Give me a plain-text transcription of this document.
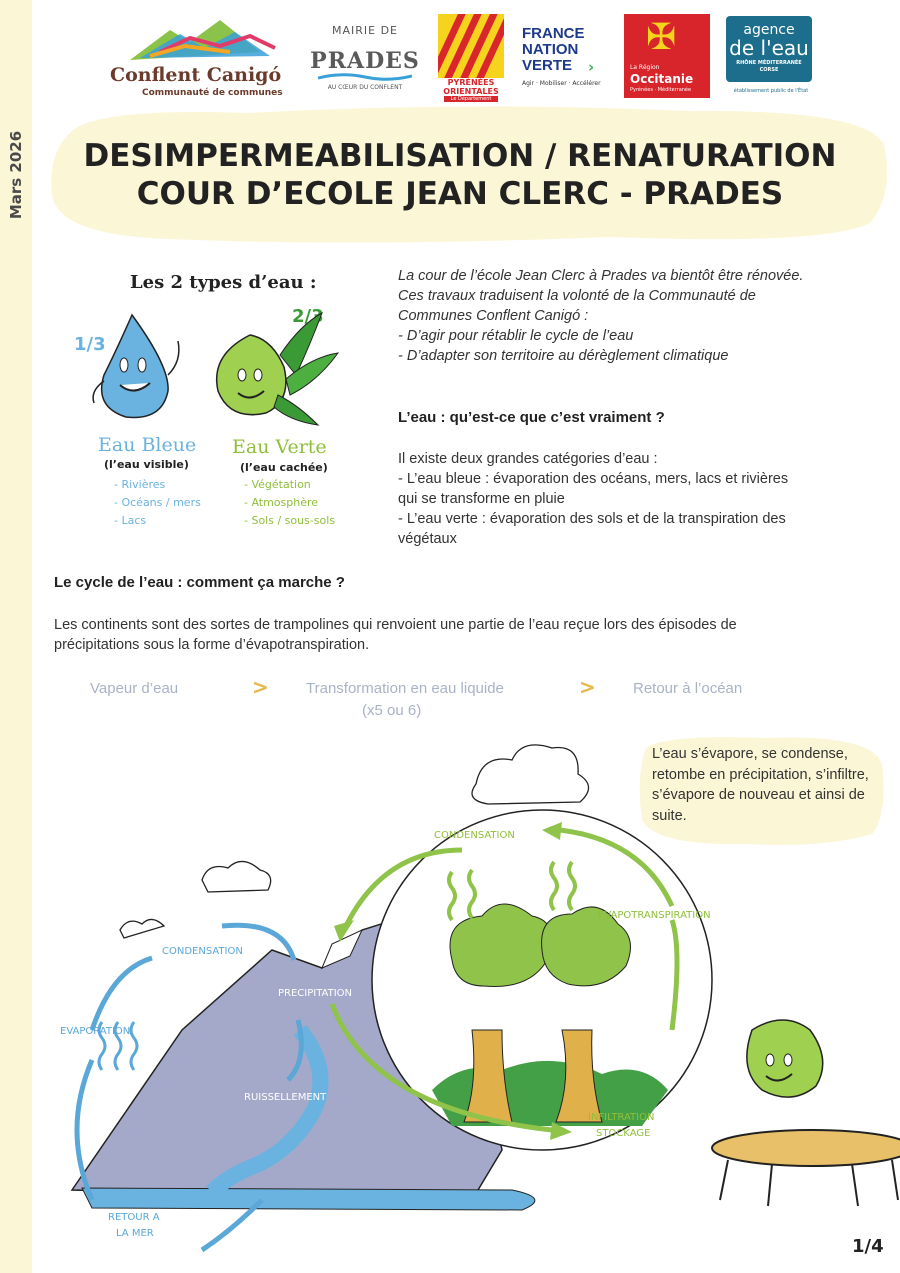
Mars 2026
Conflent Canigó
Communauté de communes
MAIRIE DE
PRADES
AU CŒUR DU CONFLENT
PYRÉNÉES
ORIENTALES
Le Département
FRANCE
NATION
VERTE ›
Agir · Mobiliser · Accélérer
✠
La Région
Occitanie
Pyrénées · Méditerranée
agence
de l'eau
RHÔNE MÉDITERRANÉE
CORSE
établissement public de l'État
DESIMPERMEABILISATION / RENATURATION
COUR D’ECOLE JEAN CLERC - PRADES
Les 2 types d’eau :
1/3
2/3
Eau Bleue
(l’eau visible)
- Rivières
- Océans / mers
- Lacs
Eau Verte
(l’eau cachée)
- Végétation
- Atmosphère
- Sols / sous-sols
La cour de l’école Jean Clerc à Prades va bientôt être rénovée.
Ces travaux traduisent la volonté de la Communauté de
Communes Conflent Canigó :
- D’agir pour rétablir le cycle de l’eau
- D’adapter son territoire au dérèglement climatique
L’eau : qu’est-ce que c’est vraiment ?
Il existe deux grandes catégories d’eau :
- L’eau bleue : évaporation des océans, mers, lacs et rivières
qui se transforme en pluie
- L’eau verte : évaporation des sols et de la transpiration des
végétaux
Le cycle de l’eau : comment ça marche ?
Les continents sont des sortes de trampolines qui renvoient une partie de l’eau reçue lors des épisodes de
précipitations sous la forme d’évapotranspiration.
Vapeur d’eau	> Transformation en eau liquide
(x5 ou 6)
> Retour à l’océan
CONDENSATION
EVAPOTRANSPIRATION
CONDENSATION
PRECIPITATION
EVAPORATION
RUISSELLEMENT
INFILTRATION
STOCKAGE
RETOUR A
LA MER

L’eau s’évapore, se condense, retombe en précipitation, s’infiltre, s’évapore de nouveau et ainsi de suite.

1/4
